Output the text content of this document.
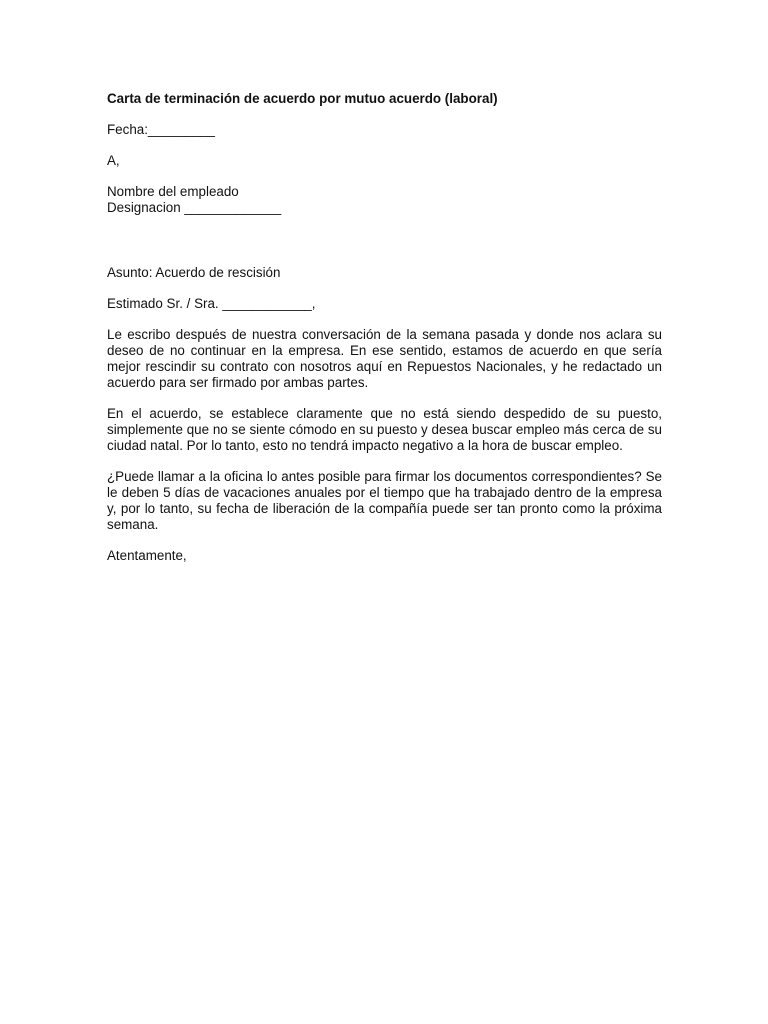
Carta de terminación de acuerdo por mutuo acuerdo (laboral)

Fecha:_________

A,

Nombre del empleado

Designacion _____________

Asunto: Acuerdo de rescisión

Estimado Sr. / Sra. ____________,

Le escribo después de nuestra conversación de la semana pasada y donde nos aclara su deseo de no continuar en la empresa. En ese sentido, estamos de acuerdo en que sería mejor rescindir su contrato con nosotros aquí en Repuestos Nacionales, y he redactado un acuerdo para ser firmado por ambas partes.

En el acuerdo, se establece claramente que no está siendo despedido de su puesto, simplemente que no se siente cómodo en su puesto y desea buscar empleo más cerca de su ciudad natal. Por lo tanto, esto no tendrá impacto negativo a la hora de buscar empleo.

¿Puede llamar a la oficina lo antes posible para firmar los documentos correspondientes? Se le deben 5 días de vacaciones anuales por el tiempo que ha trabajado dentro de la empresa y, por lo tanto, su fecha de liberación de la compañía puede ser tan pronto como la próxima semana.

Atentamente,
